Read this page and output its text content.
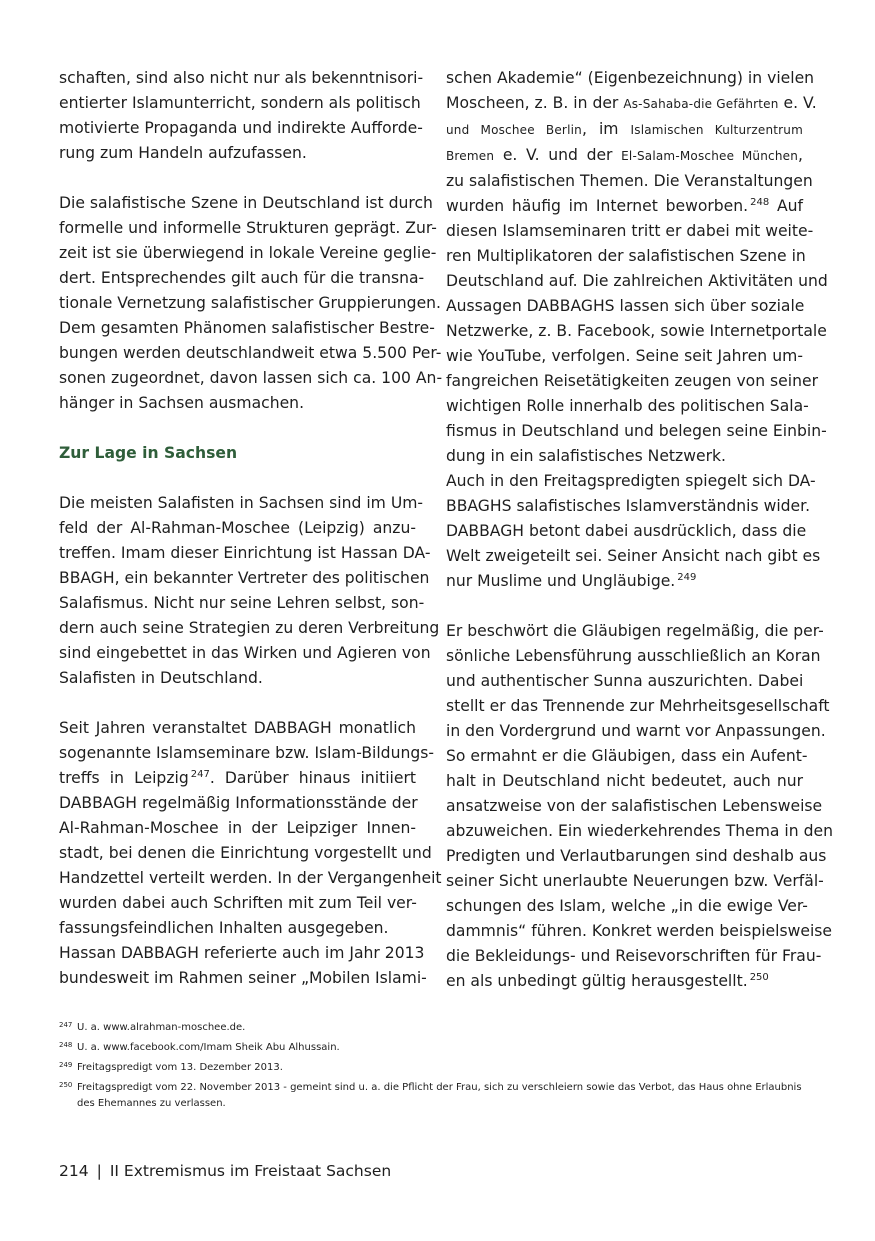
schaften, sind also nicht nur als bekenntnisori-
entierter Islamunterricht, sondern als politisch
motivierte Propaganda und indirekte Aufforde-
rung zum Handeln aufzufassen.
Die salafistische Szene in Deutschland ist durch
formelle und informelle Strukturen geprägt. Zur-
zeit ist sie überwiegend in lokale Vereine geglie-
dert. Entsprechendes gilt auch für die transna-
tionale Vernetzung salafistischer Gruppierungen.
Dem gesamten Phänomen salafistischer Bestre-
bungen werden deutschlandweit etwa 5.500 Per-
sonen zugeordnet, davon lassen sich ca. 100 An-
hänger in Sachsen ausmachen.
Zur Lage in Sachsen
Die meisten Salafisten in Sachsen sind im Um-
feld der Al-Rahman-Moschee (Leipzig) anzu-
treffen. Imam dieser Einrichtung ist Hassan DA-
BBAGH, ein bekannter Vertreter des politischen
Salafismus. Nicht nur seine Lehren selbst, son-
dern auch seine Strategien zu deren Verbreitung
sind eingebettet in das Wirken und Agieren von
Salafisten in Deutschland.
Seit Jahren veranstaltet DABBAGH monatlich
sogenannte Islamseminare bzw. Islam-Bildungs-
treffs in Leipzig $^{247}$. Darüber hinaus initiiert
DABBAGH regelmäßig Informationsstände der
Al-Rahman-Moschee in der Leipziger Innen-
stadt, bei denen die Einrichtung vorgestellt und
Handzettel verteilt werden. In der Vergangenheit
wurden dabei auch Schriften mit zum Teil ver-
fassungsfeindlichen Inhalten ausgegeben.
Hassan DABBAGH referierte auch im Jahr 2013
bundesweit im Rahmen seiner „Mobilen Islami-
schen Akademie“ (Eigenbezeichnung) in vielen
Moscheen, z. B. in der As-Sahaba-die Gefährten e. V.
und Moschee Berlin, im Islamischen Kulturzentrum
Bremen e. V. und der El-Salam-Moschee München,
zu salafistischen Themen. Die Veranstaltungen
wurden häufig im Internet beworben. $^{248}$ Auf
diesen Islamseminaren tritt er dabei mit weite-
ren Multiplikatoren der salafistischen Szene in
Deutschland auf. Die zahlreichen Aktivitäten und
Aussagen DABBAGHS lassen sich über soziale
Netzwerke, z. B. Facebook, sowie Internetportale
wie YouTube, verfolgen. Seine seit Jahren um-
fangreichen Reisetätigkeiten zeugen von seiner
wichtigen Rolle innerhalb des politischen Sala-
fismus in Deutschland und belegen seine Einbin-
dung in ein salafistisches Netzwerk.
Auch in den Freitagspredigten spiegelt sich DA-
BBAGHS salafistisches Islamverständnis wider.
DABBAGH betont dabei ausdrücklich, dass die
Welt zweigeteilt sei. Seiner Ansicht nach gibt es
nur Muslime und Ungläubige. $^{249}$
Er beschwört die Gläubigen regelmäßig, die per-
sönliche Lebensführung ausschließlich an Koran
und authentischer Sunna auszurichten. Dabei
stellt er das Trennende zur Mehrheitsgesellschaft
in den Vordergrund und warnt vor Anpassungen.
So ermahnt er die Gläubigen, dass ein Aufent-
halt in Deutschland nicht bedeutet, auch nur
ansatzweise von der salafistischen Lebensweise
abzuweichen. Ein wiederkehrendes Thema in den
Predigten und Verlautbarungen sind deshalb aus
seiner Sicht unerlaubte Neuerungen bzw. Verfäl-
schungen des Islam, welche „in die ewige Ver-
dammnis“ führen. Konkret werden beispielsweise
die Bekleidungs- und Reisevorschriften für Frau-
en als unbedingt gültig herausgestellt. $^{250}$
247 U. a. www.alrahman-moschee.de.
248 U. a. www.facebook.com/Imam Sheik Abu Alhussain.
249 Freitagspredigt vom 13. Dezember 2013.
250 Freitagspredigt vom 22. November 2013 - gemeint sind u. a. die Pflicht der Frau, sich zu verschleiern sowie das Verbot, das Haus ohne Erlaubnis des Ehemannes zu verlassen.
214 | II Extremismus im Freistaat Sachsen
